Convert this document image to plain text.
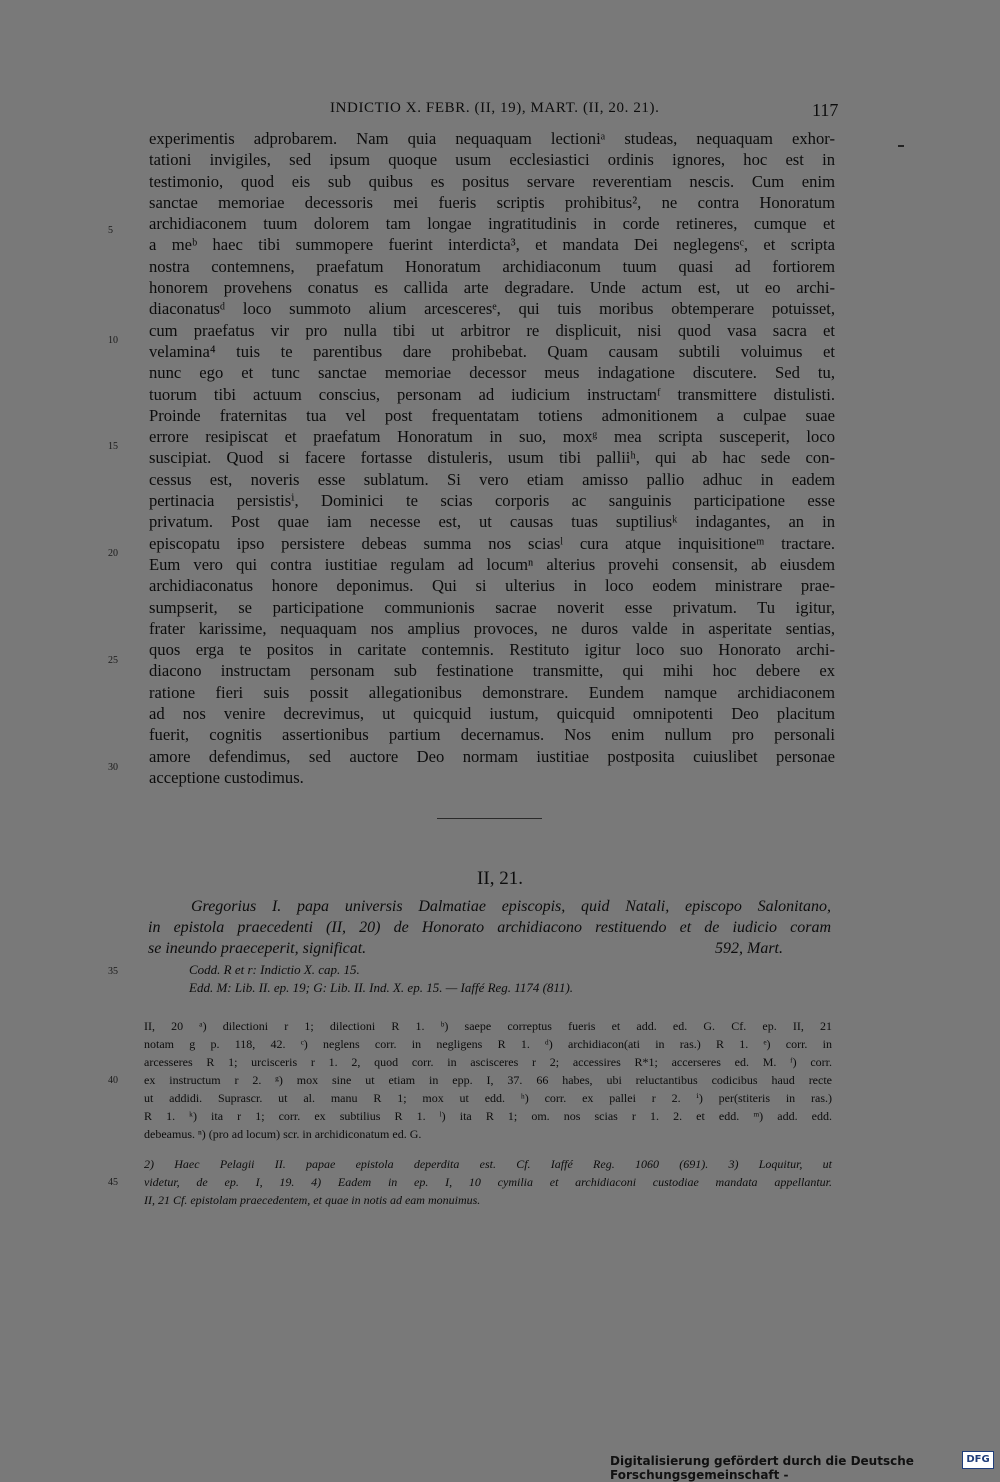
INDICTIO X. FEBR. (II, 19), MART. (II, 20. 21).	117
experimentis adprobarem. Nam quia nequaquam lectioniᵃ studeas, nequaquam exhor-
tationi invigiles, sed ipsum quoque usum ecclesiastici ordinis ignores, hoc est in
testimonio, quod eis sub quibus es positus servare reverentiam nescis. Cum enim
sanctae memoriae decessoris mei fueris scriptis prohibitus², ne contra Honoratum
archidiaconem tuum dolorem tam longae ingratitudinis in corde retineres, cumque et
a meᵇ haec tibi summopere fuerint interdicta³, et mandata Dei neglegensᶜ, et scripta
nostra contemnens, praefatum Honoratum archidiaconum tuum quasi ad fortiorem
honorem provehens conatus es callida arte degradare. Unde actum est, ut eo archi-
diaconatusᵈ loco summoto alium arcesceresᵉ, qui tuis moribus obtemperare potuisset,
cum praefatus vir pro nulla tibi ut arbitror re displicuit, nisi quod vasa sacra et
velamina⁴ tuis te parentibus dare prohibebat. Quam causam subtili voluimus et
nunc ego et tunc sanctae memoriae decessor meus indagatione discutere. Sed tu,
tuorum tibi actuum conscius, personam ad iudicium instructamᶠ transmittere distulisti.
Proinde fraternitas tua vel post frequentatam totiens admonitionem a culpae suae
errore resipiscat et praefatum Honoratum in suo, moxᵍ mea scripta susceperit, loco
suscipiat. Quod si facere fortasse distuleris, usum tibi palliiʰ, qui ab hac sede con-
cessus est, noveris esse sublatum. Si vero etiam amisso pallio adhuc in eadem
pertinacia persistisⁱ, Dominici te scias corporis ac sanguinis participatione esse
privatum. Post quae iam necesse est, ut causas tuas suptiliusᵏ indagantes, an in
episcopatu ipso persistere debeas summa nos sciasˡ cura atque inquisitioneᵐ tractare.
Eum vero qui contra iustitiae regulam ad locumⁿ alterius provehi consensit, ab eiusdem
archidiaconatus honore deponimus. Qui si ulterius in loco eodem ministrare prae-
sumpserit, se participatione communionis sacrae noverit esse privatum. Tu igitur,
frater karissime, nequaquam nos amplius provoces, ne duros valde in asperitate sentias,
quos erga te positos in caritate contemnis. Restituto igitur loco suo Honorato archi-
diacono instructam personam sub festinatione transmitte, qui mihi hoc debere ex
ratione fieri suis possit allegationibus demonstrare. Eundem namque archidiaconem
ad nos venire decrevimus, ut quicquid iustum, quicquid omnipotenti Deo placitum
fuerit, cognitis assertionibus partium decernamus. Nos enim nullum pro personali
amore defendimus, sed auctore Deo normam iustitiae postposita cuiuslibet personae
acceptione custodimus.
5
10
15
20
25
30
35
40
45
II, 21.
Gregorius I. papa universis Dalmatiae episcopis, quid Natali, episcopo Salonitano,
in epistola praecedenti (II, 20) de Honorato archidiacono restituendo et de iudicio coram
se ineundo praeceperit, significat.	592, Mart.
Codd. R et r: Indictio X. cap. 15.
Edd. M: Lib. II. ep. 19; G: Lib. II. Ind. X. ep. 15. — Iaffé Reg. 1174 (811).
II, 20 ᵃ) dilectioni r 1; dilectioni R 1. ᵇ) saepe correptus fueris et add. ed. G. Cf. ep. II, 21
notam g p. 118, 42. ᶜ) neglens corr. in negligens R 1. ᵈ) archidiacon(ati in ras.) R 1. ᵉ) corr. in
arcesseres R 1; urcisceris r 1. 2, quod corr. in ascisceres r 2; accessires R*1; accerseres ed. M. ᶠ) corr.
ex instructum r 2. ᵍ) mox sine ut etiam in epp. I, 37. 66 habes, ubi reluctantibus codicibus haud recte
ut addidi. Suprascr. ut al. manu R 1; mox ut edd. ʰ) corr. ex pallei r 2. ⁱ) per(stiteris in ras.)
R 1. ᵏ) ita r 1; corr. ex subtilius R 1. ˡ) ita R 1; om. nos scias r 1. 2. et edd. ᵐ) add. edd.
debeamus. ⁿ) (pro ad locum) scr. in archidiconatum ed. G.
2) Haec Pelagii II. papae epistola deperdita est. Cf. Iaffé Reg. 1060 (691). 3) Loquitur, ut
videtur, de ep. I, 19. 4) Eadem in ep. I, 10 cymilia et archidiaconi custodiae mandata appellantur.
II, 21 Cf. epistolam praecedentem, et quae in notis ad eam monuimus.
Digitalisierung gefördert durch die Deutsche Forschungsgemeinschaft -
DFG
